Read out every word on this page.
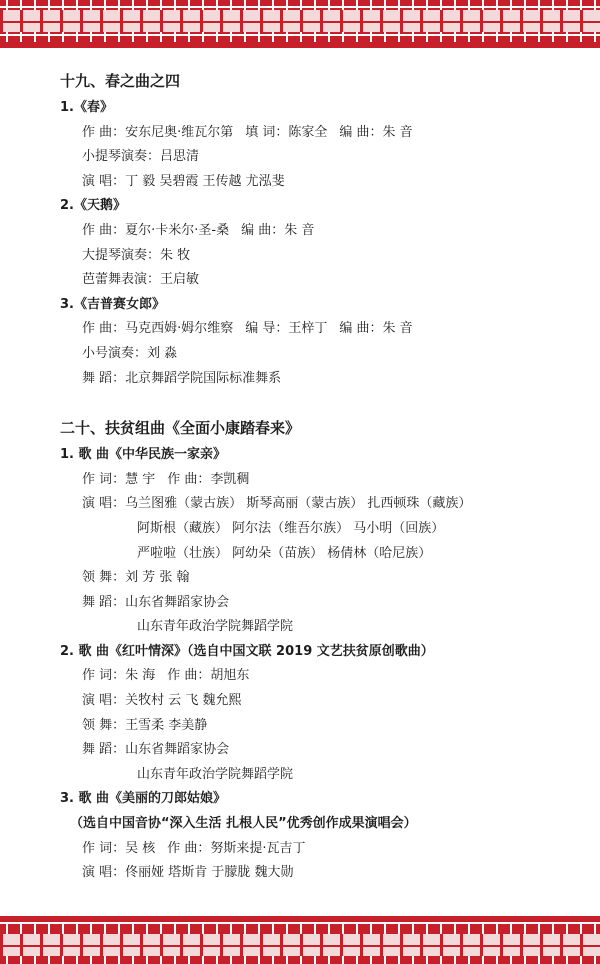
十九、春之曲之四
1.《春》
作 曲：安东尼奥·维瓦尔第 填 词：陈家全 编 曲：朱 音
小提琴演奏：吕思清
演 唱：丁 毅 吴碧霞 王传越 尤泓斐
2.《天鹅》
作 曲：夏尔·卡米尔·圣-桑 编 曲：朱 音
大提琴演奏：朱 牧
芭蕾舞表演：王启敏
3.《吉普赛女郎》
作 曲：马克西姆·姆尔维察 编 导：王梓丁 编 曲：朱 音
小号演奏：刘 淼
舞 蹈：北京舞蹈学院国际标准舞系
二十、扶贫组曲《全面小康踏春来》
1. 歌 曲《中华民族一家亲》
作 词：慧 宇 作 曲：李凯稠
演 唱：乌兰图雅（蒙古族） 斯琴高丽（蒙古族） 扎西顿珠（藏族）
阿斯根（藏族） 阿尔法（维吾尔族） 马小明（回族）
严啦啦（壮族） 阿幼朵（苗族） 杨倩林（哈尼族）
领 舞：刘 芳 张 翰
舞 蹈：山东省舞蹈家协会
山东青年政治学院舞蹈学院
2. 歌 曲《红叶情深》（选自中国文联 2019 文艺扶贫原创歌曲）
作 词：朱 海 作 曲：胡旭东
演 唱：关牧村 云 飞 魏允熙
领 舞：王雪柔 李美静
舞 蹈：山东省舞蹈家协会
山东青年政治学院舞蹈学院
3. 歌 曲《美丽的刀郎姑娘》
（选自中国音协“深入生活 扎根人民”优秀创作成果演唱会）
作 词：吴 核 作 曲：努斯来提·瓦吉丁
演 唱：佟丽娅 塔斯肯 于朦胧 魏大勋
